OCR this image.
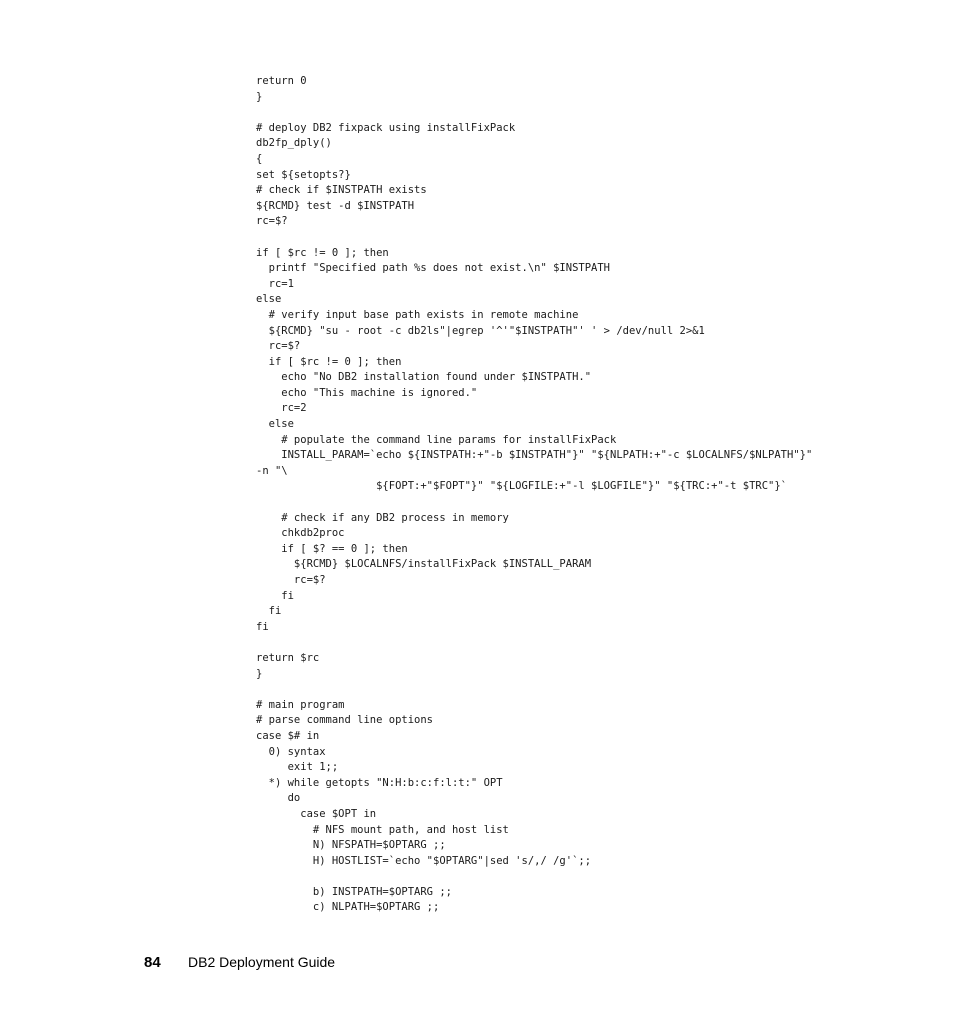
return 0
}
# deploy DB2 fixpack using installFixPack
db2fp_dply()
{
set ${setopts?}
# check if $INSTPATH exists
${RCMD} test -d $INSTPATH
rc=$?
if [ $rc != 0 ]; then
printf "Specified path %s does not exist.\n" $INSTPATH
rc=1
else
# verify input base path exists in remote machine
${RCMD} "su - root -c db2ls"|egrep '^'"$INSTPATH"' ' > /dev/null 2>&1
rc=$?
if [ $rc != 0 ]; then
echo "No DB2 installation found under $INSTPATH."
echo "This machine is ignored."
rc=2
else
# populate the command line params for installFixPack
INSTALL_PARAM=`echo ${INSTPATH:+"-b $INSTPATH"}" "${NLPATH:+"-c $LOCALNFS/$NLPATH"}"
-n "\
${FOPT:+"$FOPT"}" "${LOGFILE:+"-l $LOGFILE"}" "${TRC:+"-t $TRC"}`
# check if any DB2 process in memory
chkdb2proc
if [ $? == 0 ]; then
${RCMD} $LOCALNFS/installFixPack $INSTALL_PARAM
rc=$?
fi
fi
fi
return $rc
}
# main program
# parse command line options
case $# in
0) syntax
exit 1;;
*) while getopts "N:H:b:c:f:l:t:" OPT
do
case $OPT in
# NFS mount path, and host list
N) NFSPATH=$OPTARG ;;
H) HOSTLIST=`echo "$OPTARG"|sed 's/,/ /g'`;;
b) INSTPATH=$OPTARG ;;
c) NLPATH=$OPTARG ;;
84	DB2 Deployment Guide
